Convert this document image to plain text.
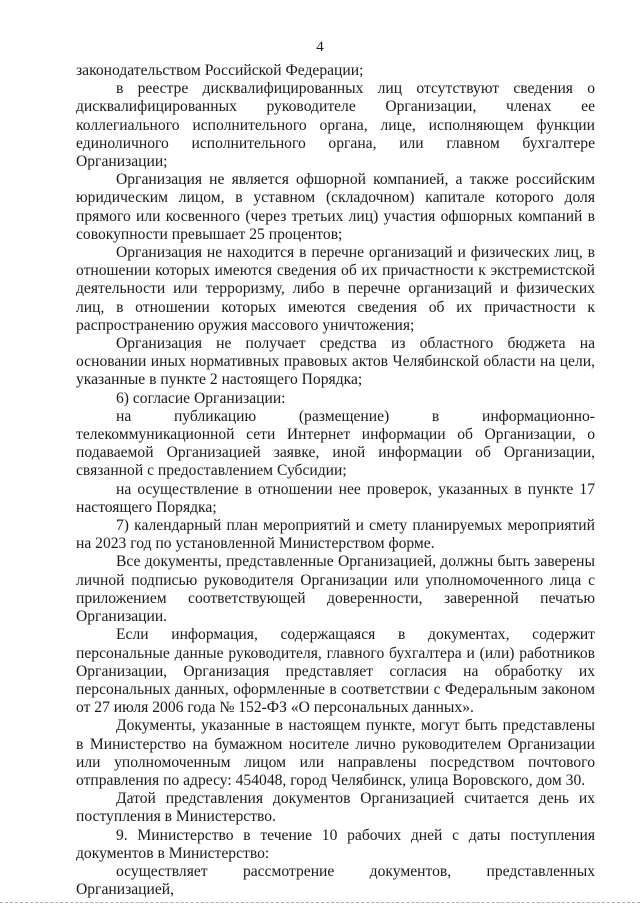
4

законодательством Российской Федерации;

в реестре дисквалифицированных лиц отсутствуют сведения о дисквалифицированных руководителе Организации, членах ее коллегиального исполнительного органа, лице, исполняющем функции единоличного исполнительного органа, или главном бухгалтере Организации;

Организация не является офшорной компанией, а также российским юридическим лицом, в уставном (складочном) капитале которого доля прямого или косвенного (через третьих лиц) участия офшорных компаний в совокупности превышает 25 процентов;

Организация не находится в перечне организаций и физических лиц, в отношении которых имеются сведения об их причастности к экстремистской деятельности или терроризму, либо в перечне организаций и физических лиц, в отношении которых имеются сведения об их причастности к распространению оружия массового уничтожения;

Организация не получает средства из областного бюджета на основании иных нормативных правовых актов Челябинской области на цели, указанные в пункте 2 настоящего Порядка;

6) согласие Организации:

на публикацию (размещение) в информационно-телекоммуникационной сети Интернет информации об Организации, о подаваемой Организацией заявке, иной информации об Организации, связанной с предоставлением Субсидии;

на осуществление в отношении нее проверок, указанных в пункте 17 настоящего Порядка;

7) календарный план мероприятий и смету планируемых мероприятий на 2023 год по установленной Министерством форме.

Все документы, представленные Организацией, должны быть заверены личной подписью руководителя Организации или уполномоченного лица с приложением соответствующей доверенности, заверенной печатью Организации.

Если информация, содержащаяся в документах, содержит персональные данные руководителя, главного бухгалтера и (или) работников Организации, Организация представляет согласия на обработку их персональных данных, оформленные в соответствии с Федеральным законом от 27 июля 2006 года № 152-ФЗ «О персональных данных».

Документы, указанные в настоящем пункте, могут быть представлены в Министерство на бумажном носителе лично руководителем Организации или уполномоченным лицом или направлены посредством почтового отправления по адресу: 454048, город Челябинск, улица Воровского, дом 30.

Датой представления документов Организацией считается день их поступления в Министерство.

9. Министерство в течение 10 рабочих дней с даты поступления документов в Министерство:

осуществляет рассмотрение документов, представленных Организацией,
